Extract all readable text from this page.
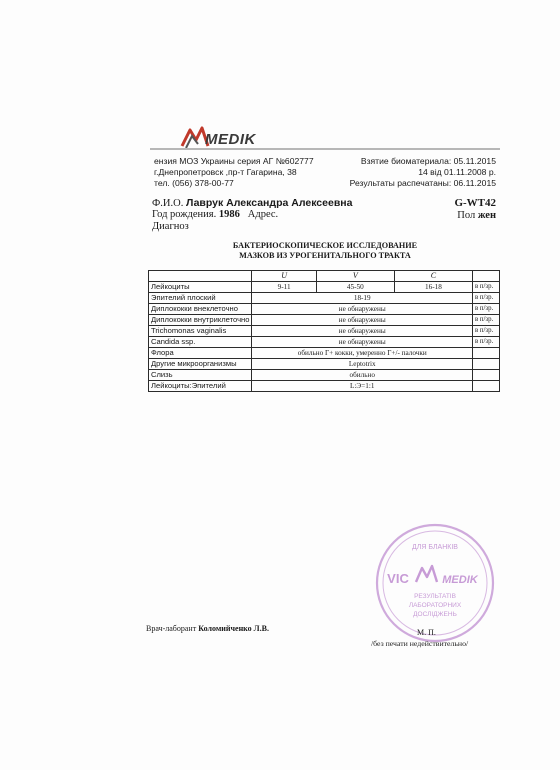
MEDIK
ензия МОЗ Украины серия АГ №602777
г.Днепропетровск ,пр-т Гагарина, 38
тел. (056) 378-00-77
Взятие биоматериала: 05.11.2015
14 від 01.11.2008 р.
Результаты распечатаны: 06.11.2015
Ф.И.О. Лаврук Александра Алексеевна	G-WT42
Год рождения. 1986 Адрес.	Пол жен
Диагноз
БАКТЕРИОСКОПИЧЕСКОЕ ИССЛЕДОВАНИЕ
МАЗКОВ ИЗ УРОГЕНИТАЛЬНОГО ТРАКТА
	U	V	C	
Лейкоциты	9-11	45-50	16-18	в п/зр.
Эпителий плоский	18-19			в п/зр.
Диплококки внеклеточно	не обнаружены			в п/зр.
Диплококки внутриклеточно	не обнаружены			в п/зр.
Trichomonas vaginalis	не обнаружены			в п/зр.
Candida ssp.	не обнаружены			в п/зр.
Флора	обильно Г+ кокки, умеренно Г+/- палочки			
Другие микроорганизмы	Leptotrix			
Слизь	обильно			
Лейкоциты:Эпителий	L:Э=1:1			
ДЛЯ БЛАНКІВ
VIC	MEDIK
РЕЗУЛЬТАТІВ
ЛАБОРАТОРНИХ
ДОСЛІДЖЕНЬ
Врач-лаборант Коломийченко Л.В.	М. П.
/без печати недействительно/
